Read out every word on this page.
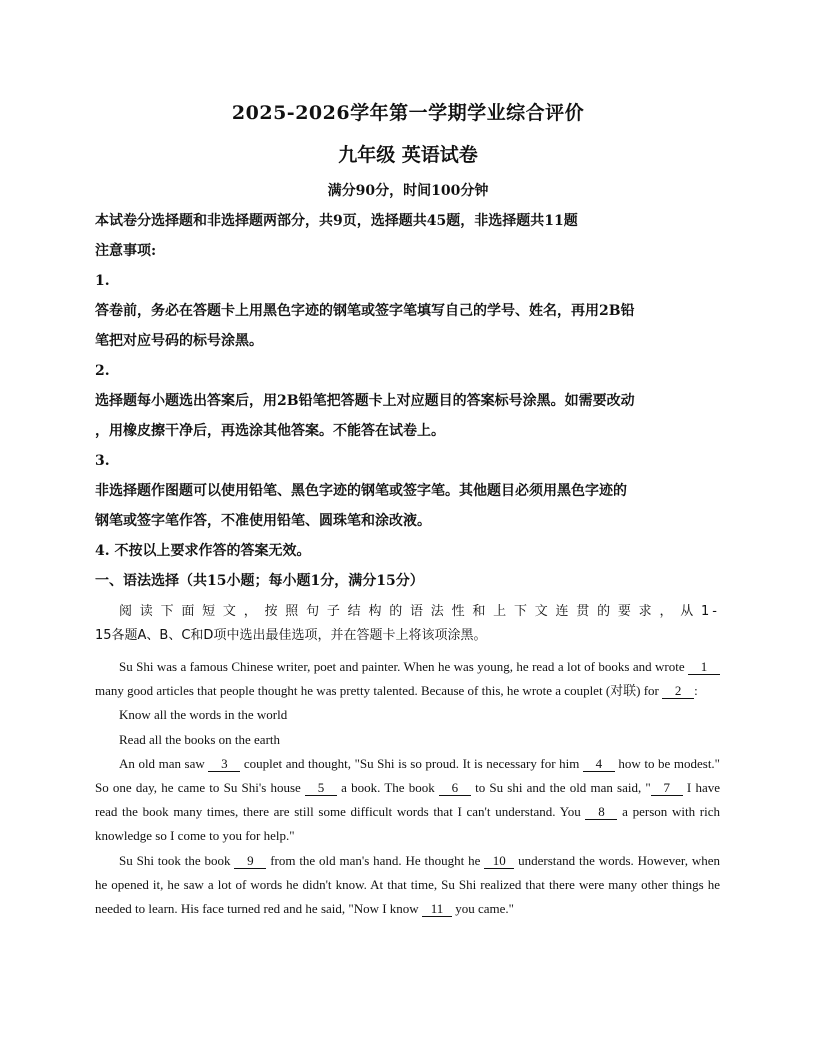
2025-2026学年第一学期学业综合评价
九年级 英语试卷
满分90分，时间100分钟
本试卷分选择题和非选择题两部分，共9页，选择题共45题，非选择题共11题
注意事项:
1.
答卷前，务必在答题卡上用黑色字迹的钢笔或签字笔填写自己的学号、姓名，再用2B铅
笔把对应号码的标号涂黑。
2.
选择题每小题选出答案后，用2B铅笔把答题卡上对应题目的答案标号涂黑。如需要改动
，用橡皮擦干净后，再选涂其他答案。不能答在试卷上。
3.
非选择题作图题可以使用铅笔、黑色字迹的钢笔或签字笔。其他题目必须用黑色字迹的
钢笔或签字笔作答，不准使用铅笔、圆珠笔和涂改液。
4. 不按以上要求作答的答案无效。
一、语法选择（共15小题；每小题1分，满分15分）
阅读下面短文，按照句子结构的语法性和上下文连贯的要求，从1-
15各题A、B、C和D项中选出最佳选项，并在答题卡上将该项涂黑。

Su Shi was a famous Chinese writer, poet and painter. When he was young, he read a lot of books and wrote 1 many good articles that people thought he was pretty talented. Because of this, he wrote a couplet (对联) for 2 :

Know all the words in the world

Read all the books on the earth

An old man saw 3 couplet and thought, "Su Shi is so proud. It is necessary for him 4 how to be modest." So one day, he came to Su Shi's house 5 a book. The book 6 to Su shi and the old man said, " 7 I have read the book many times, there are still some difficult words that I can't understand. You 8 a person with rich knowledge so I come to you for help."

Su Shi took the book 9 from the old man's hand. He thought he 10 understand the words. However, when he opened it, he saw a lot of words he didn't know. At that time, Su Shi realized that there were many other things he needed to learn. His face turned red and he said, "Now I know 11 you came."
